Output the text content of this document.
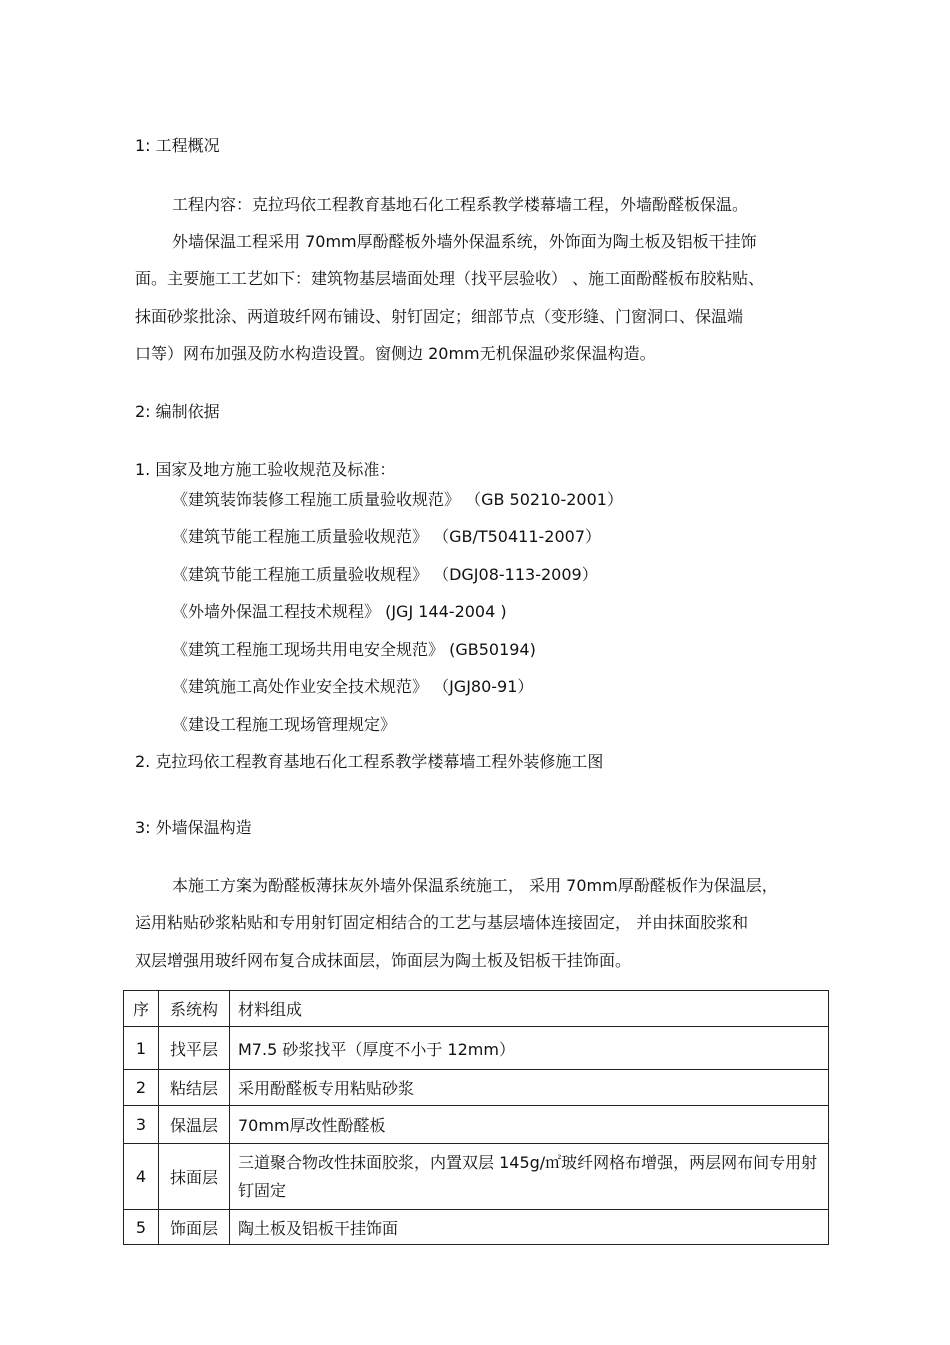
1: 工程概况
工程内容：克拉玛依工程教育基地石化工程系教学楼幕墙工程，外墙酚醛板保温。
外墙保温工程采用 70mm厚酚醛板外墙外保温系统，外饰面为陶土板及铝板干挂饰
面。主要施工工艺如下：建筑物基层墙面处理（找平层验收） 、施工面酚醛板布胶粘贴、
抹面砂浆批涂、两道玻纤网布铺设、射钉固定；细部节点（变形缝、门窗洞口、保温端
口等）网布加强及防水构造设置。窗侧边 20mm无机保温砂浆保温构造。
2: 编制依据
1. 国家及地方施工验收规范及标准：
《建筑装饰装修工程施工质量验收规范》 （GB 50210-2001）
《建筑节能工程施工质量验收规范》 （GB/T50411-2007）
《建筑节能工程施工质量验收规程》 （DGJ08-113-2009）
《外墙外保温工程技术规程》 (JGJ 144-2004 )
《建筑工程施工现场共用电安全规范》 (GB50194)
《建筑施工高处作业安全技术规范》 （JGJ80-91）
《建设工程施工现场管理规定》
2. 克拉玛依工程教育基地石化工程系教学楼幕墙工程外装修施工图
3: 外墙保温构造
本施工方案为酚醛板薄抹灰外墙外保温系统施工， 采用 70mm厚酚醛板作为保温层，
运用粘贴砂浆粘贴和专用射钉固定相结合的工艺与基层墙体连接固定， 并由抹面胶浆和
双层增强用玻纤网布复合成抹面层，饰面层为陶土板及铝板干挂饰面。
序	系统构	材料组成
1	找平层	M7.5 砂浆找平（厚度不小于 12mm）
2	粘结层	采用酚醛板专用粘贴砂浆
3	保温层	70mm厚改性酚醛板
4	抹面层	三道聚合物改性抹面胶浆，内置双层 145g/㎡玻纤网格布增强，两层网布间专用射钉固定
5	饰面层	陶土板及铝板干挂饰面
